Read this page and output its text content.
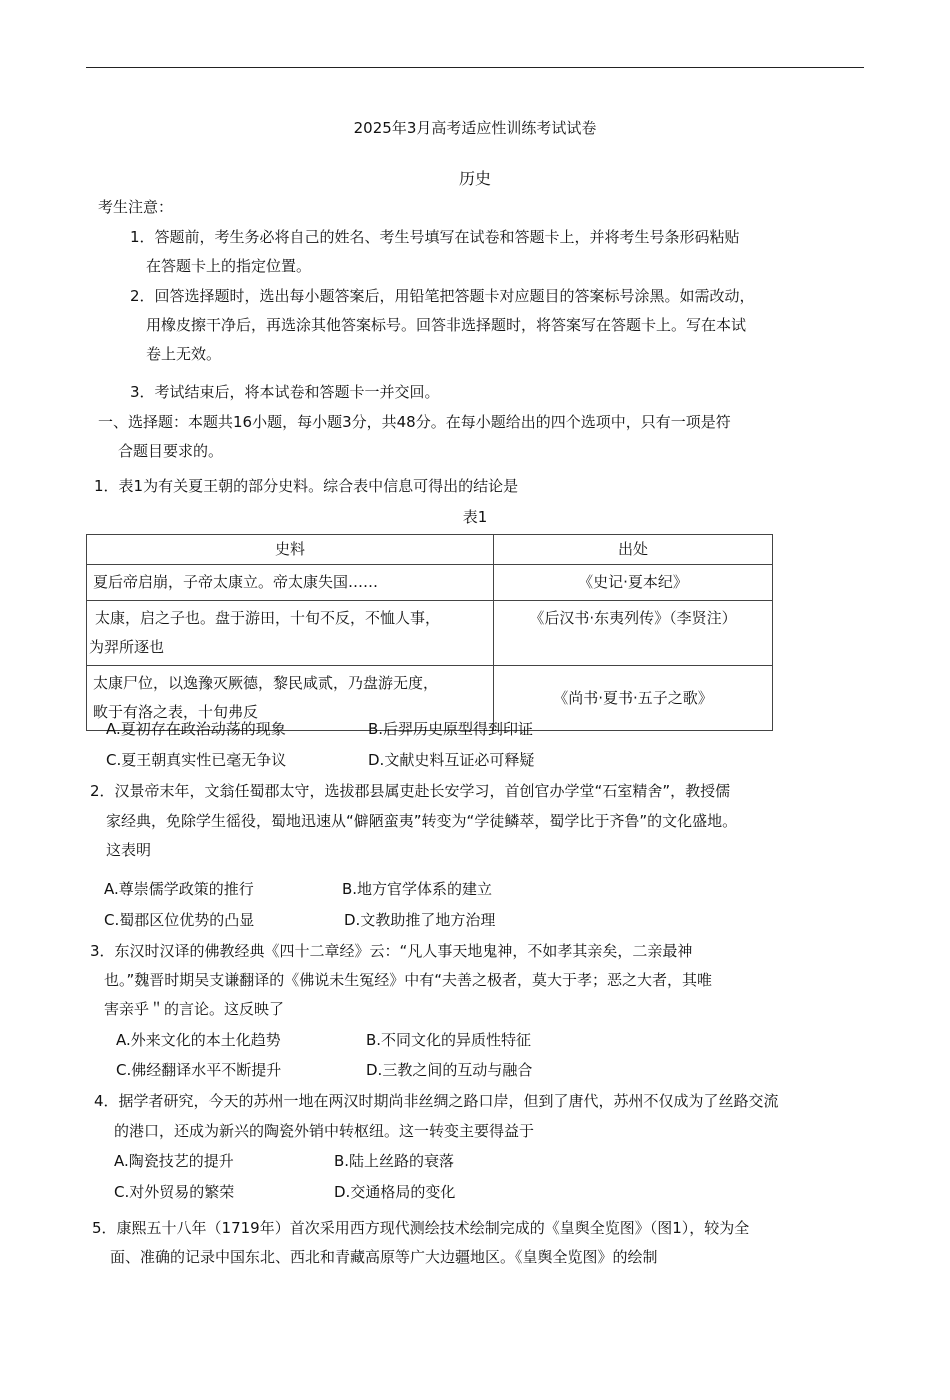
2025年3月高考适应性训练考试试卷
历史
考生注意：
1．答题前，考生务必将自己的姓名、考生号填写在试卷和答题卡上，并将考生号条形码粘贴
在答题卡上的指定位置。
2．回答选择题时，选出每小题答案后，用铅笔把答题卡对应题目的答案标号涂黑。如需改动，
用橡皮擦干净后，再选涂其他答案标号。回答非选择题时，将答案写在答题卡上。写在本试
卷上无效。
3．考试结束后，将本试卷和答题卡一并交回。
一、选择题：本题共16小题，每小题3分，共48分。在每小题给出的四个选项中，只有一项是符
合题目要求的。
1．表1为有关夏王朝的部分史料。综合表中信息可得出的结论是
表1
史料	出处
夏后帝启崩，子帝太康立。帝太康失国……	《史记·夏本纪》
太康，启之子也。盘于游田，十旬不反，不恤人事，
为羿所逐也	《后汉书·东夷列传》（李贤注）
太康尸位，以逸豫灭厥德，黎民咸贰，乃盘游无度，
畋于有洛之表，十旬弗反	《尚书·夏书·五子之歌》
A.夏初存在政治动荡的现象	B.后羿历史原型得到印证
C.夏王朝真实性已毫无争议	D.文献史料互证必可释疑
2．汉景帝末年，文翁任蜀郡太守，选拔郡县属吏赴长安学习，首创官办学堂“石室精舍”，教授儒
家经典，免除学生徭役，蜀地迅速从“僻陋蛮夷”转变为“学徒鳞萃，蜀学比于齐鲁”的文化盛地。
这表明
A.尊崇儒学政策的推行	B.地方官学体系的建立
C.蜀郡区位优势的凸显	D.文教助推了地方治理
3．东汉时汉译的佛教经典《四十二章经》云：“凡人事天地鬼神，不如孝其亲矣，二亲最神
也。”魏晋时期吴支谦翻译的《佛说未生冤经》中有“夫善之极者，莫大于孝；恶之大者，其唯
害亲乎＂的言论。这反映了
A.外来文化的本土化趋势	B.不同文化的异质性特征
C.佛经翻译水平不断提升	D.三教之间的互动与融合
4．据学者研究，今天的苏州一地在两汉时期尚非丝绸之路口岸，但到了唐代，苏州不仅成为了丝路交流
的港口，还成为新兴的陶瓷外销中转枢纽。这一转变主要得益于
A.陶瓷技艺的提升	B.陆上丝路的衰落
C.对外贸易的繁荣	D.交通格局的变化
5．康熙五十八年（1719年）首次采用西方现代测绘技术绘制完成的《皇舆全览图》（图1），较为全
面、准确的记录中国东北、西北和青藏高原等广大边疆地区。《皇舆全览图》的绘制
